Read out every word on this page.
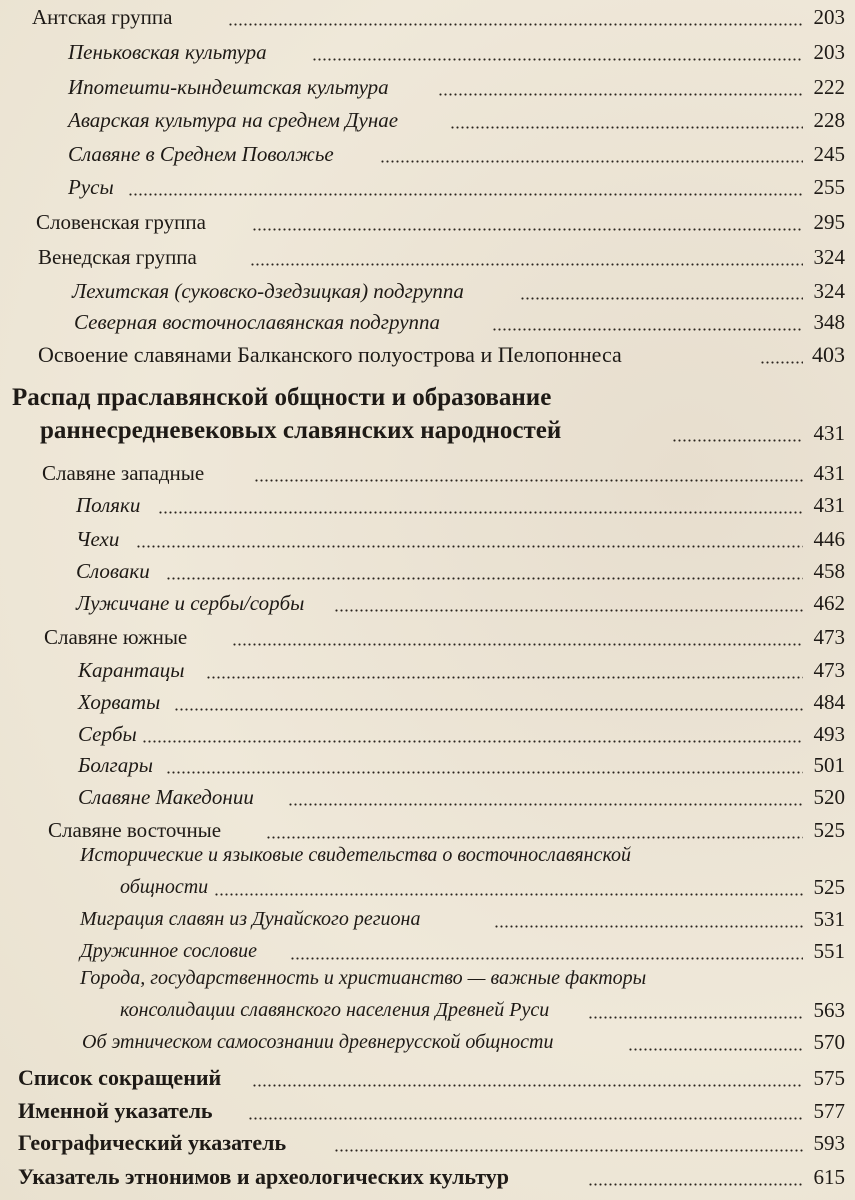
Антская группа	203
Пеньковская культура	203
Ипотешти-кындештская культура	222
Аварская культура на среднем Дунае	228
Славяне в Среднем Поволжье	245
Русы	255
Словенская группа	295
Венедская группа	324
Лехитская (суковско-дзедзицкая) подгруппа	324
Северная восточнославянская подгруппа	348
Освоение славянами Балканского полуострова и Пелопоннеса	403
Распад праславянской общности и образование
раннесредневековых славянских народностей	431
Славяне западные	431
Поляки	431
Чехи	446
Словаки	458
Лужичане и сербы/сорбы	462
Славяне южные	473
Карантацы	473
Хорваты	484
Сербы	493
Болгары	501
Славяне Македонии	520
Славяне восточные	525
Исторические и языковые свидетельства о восточнославянской
общности	525
Миграция славян из Дунайского региона	531
Дружинное сословие	551
Города, государственность и христианство — важные факторы
консолидации славянского населения Древней Руси	563
Об этническом самосознании древнерусской общности	570
Список сокращений	575
Именной указатель	577
Географический указатель	593
Указатель этнонимов и археологических культур	615
